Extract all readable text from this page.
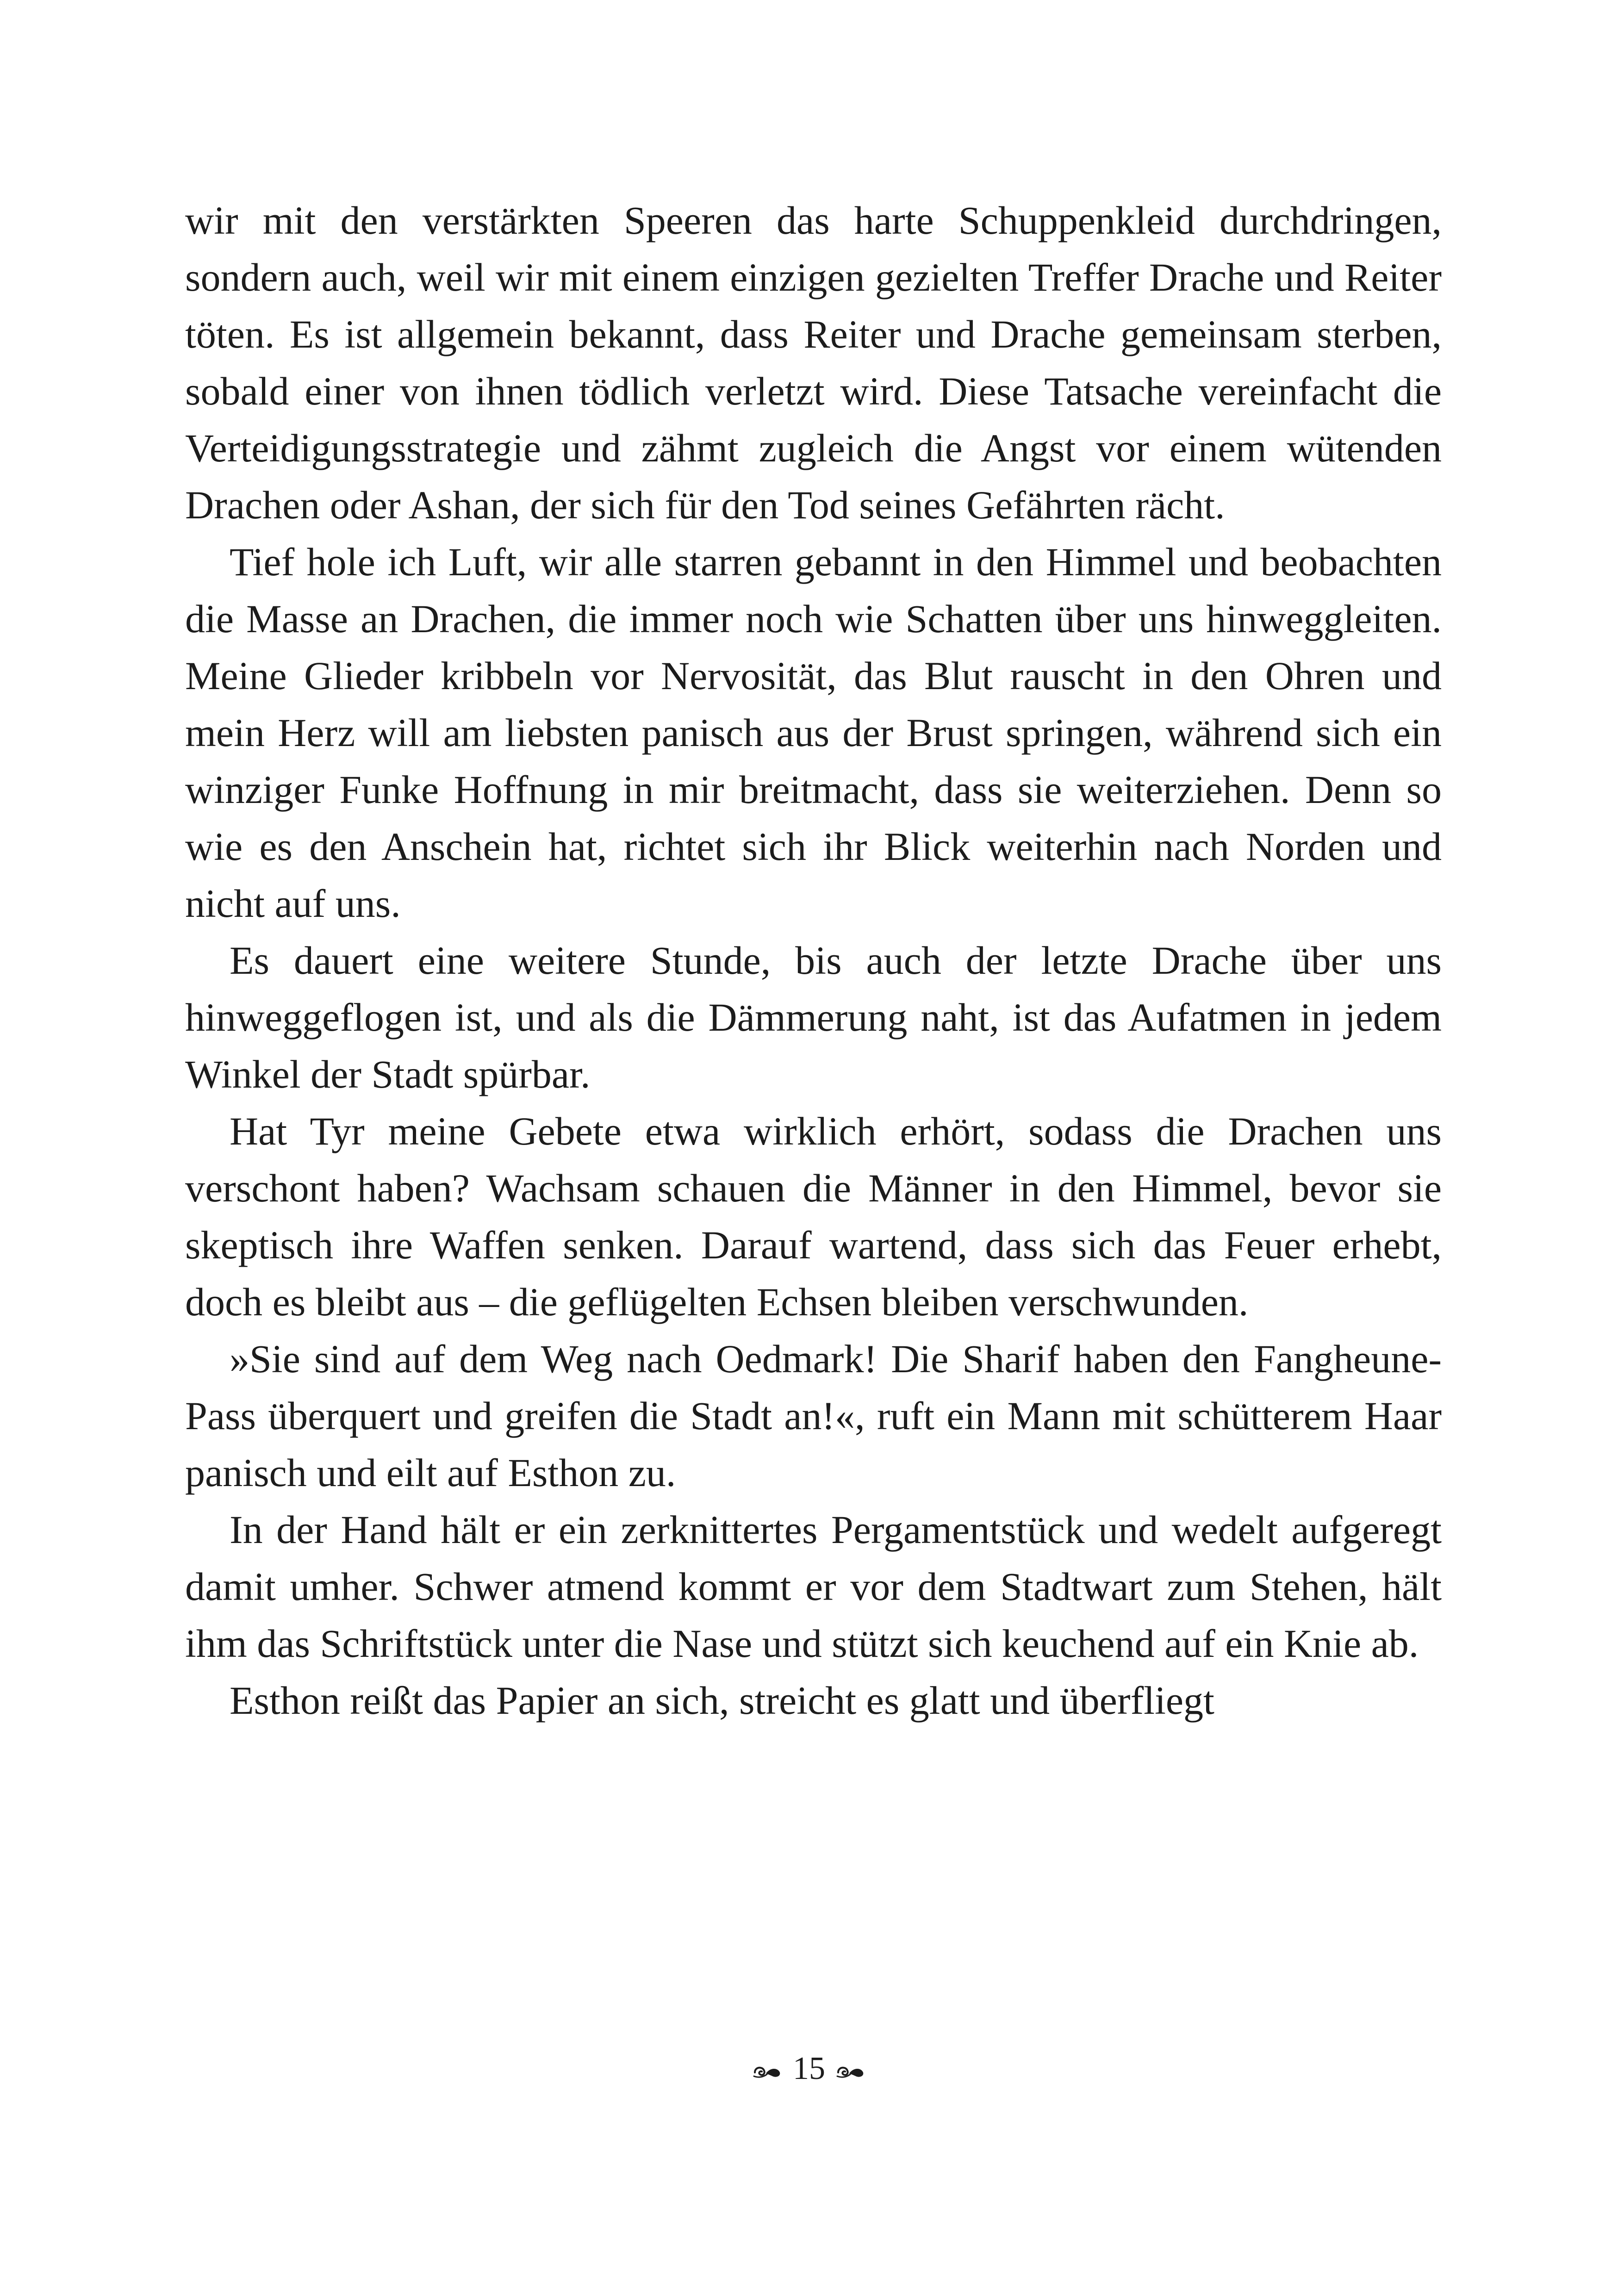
wir mit den verstärkten Speeren das harte Schuppenkleid durchdringen, sondern auch, weil wir mit einem einzigen gezielten Treffer Drache und Reiter töten. Es ist allgemein bekannt, dass Reiter und Drache gemeinsam sterben, sobald einer von ihnen tödlich verletzt wird. Diese Tatsache vereinfacht die Verteidigungsstrategie und zähmt zugleich die Angst vor einem wütenden Drachen oder Ashan, der sich für den Tod seines Gefährten rächt.

Tief hole ich Luft, wir alle starren gebannt in den Himmel und beobachten die Masse an Drachen, die immer noch wie Schatten über uns hinweggleiten. Meine Glieder kribbeln vor Nervosität, das Blut rauscht in den Ohren und mein Herz will am liebsten panisch aus der Brust springen, während sich ein winziger Funke Hoffnung in mir breitmacht, dass sie weiterziehen. Denn so wie es den Anschein hat, richtet sich ihr Blick weiterhin nach Norden und nicht auf uns.

Es dauert eine weitere Stunde, bis auch der letzte Drache über uns hinweggeflogen ist, und als die Dämmerung naht, ist das Aufatmen in jedem Winkel der Stadt spürbar.

Hat Tyr meine Gebete etwa wirklich erhört, sodass die Drachen uns verschont haben? Wachsam schauen die Männer in den Himmel, bevor sie skeptisch ihre Waffen senken. Darauf wartend, dass sich das Feuer erhebt, doch es bleibt aus – die geflügelten Echsen bleiben verschwunden.

»Sie sind auf dem Weg nach Oedmark! Die Sharif haben den Fangheune-Pass überquert und greifen die Stadt an!«, ruft ein Mann mit schütterem Haar panisch und eilt auf Esthon zu.

In der Hand hält er ein zerknittertes Pergamentstück und wedelt aufgeregt damit umher. Schwer atmend kommt er vor dem Stadtwart zum Stehen, hält ihm das Schriftstück unter die Nase und stützt sich keuchend auf ein Knie ab.

Esthon reißt das Papier an sich, streicht es glatt und überfliegt

15
